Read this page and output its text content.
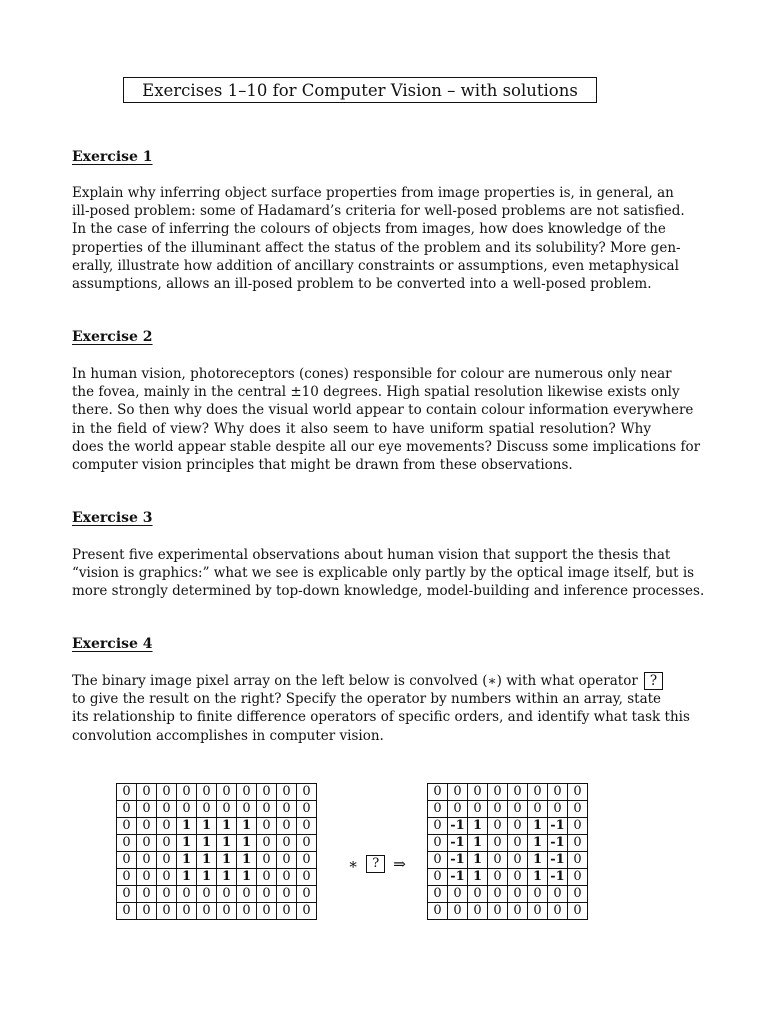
Exercises 1–10 for Computer Vision – with solutions
Exercise 1
Explain why inferring object surface properties from image properties is, in general, an
ill-posed problem: some of Hadamard’s criteria for well-posed problems are not satisfied.
In the case of inferring the colours of objects from images, how does knowledge of the
properties of the illuminant affect the status of the problem and its solubility? More gen-
erally, illustrate how addition of ancillary constraints or assumptions, even metaphysical
assumptions, allows an ill-posed problem to be converted into a well-posed problem.
Exercise 2
In human vision, photoreceptors (cones) responsible for colour are numerous only near
the fovea, mainly in the central ±10 degrees. High spatial resolution likewise exists only
there. So then why does the visual world appear to contain colour information everywhere
in the field of view? Why does it also seem to have uniform spatial resolution? Why
does the world appear stable despite all our eye movements? Discuss some implications for
computer vision principles that might be drawn from these observations.
Exercise 3
Present five experimental observations about human vision that support the thesis that
“vision is graphics:” what we see is explicable only partly by the optical image itself, but is
more strongly determined by top-down knowledge, model-building and inference processes.
Exercise 4
The binary image pixel array on the left below is convolved (∗) with what operator ?
to give the result on the right? Specify the operator by numbers within an array, state
its relationship to finite difference operators of specific orders, and identify what task this
convolution accomplishes in computer vision.
0	0	0	0	0	0	0	0	0	0
0	0	0	0	0	0	0	0	0	0
0	0	0	1	1	1	1	0	0	0
0	0	0	1	1	1	1	0	0	0
0	0	0	1	1	1	1	0	0	0
0	0	0	1	1	1	1	0	0	0
0	0	0	0	0	0	0	0	0	0
0	0	0	0	0	0	0	0	0	0
∗	? ⇒
0	0	0	0	0	0	0	0
0	0	0	0	0	0	0	0
0	-1	1	0	0	1	-1	0
0	-1	1	0	0	1	-1	0
0	-1	1	0	0	1	-1	0
0	-1	1	0	0	1	-1	0
0	0	0	0	0	0	0	0
0	0	0	0	0	0	0	0
